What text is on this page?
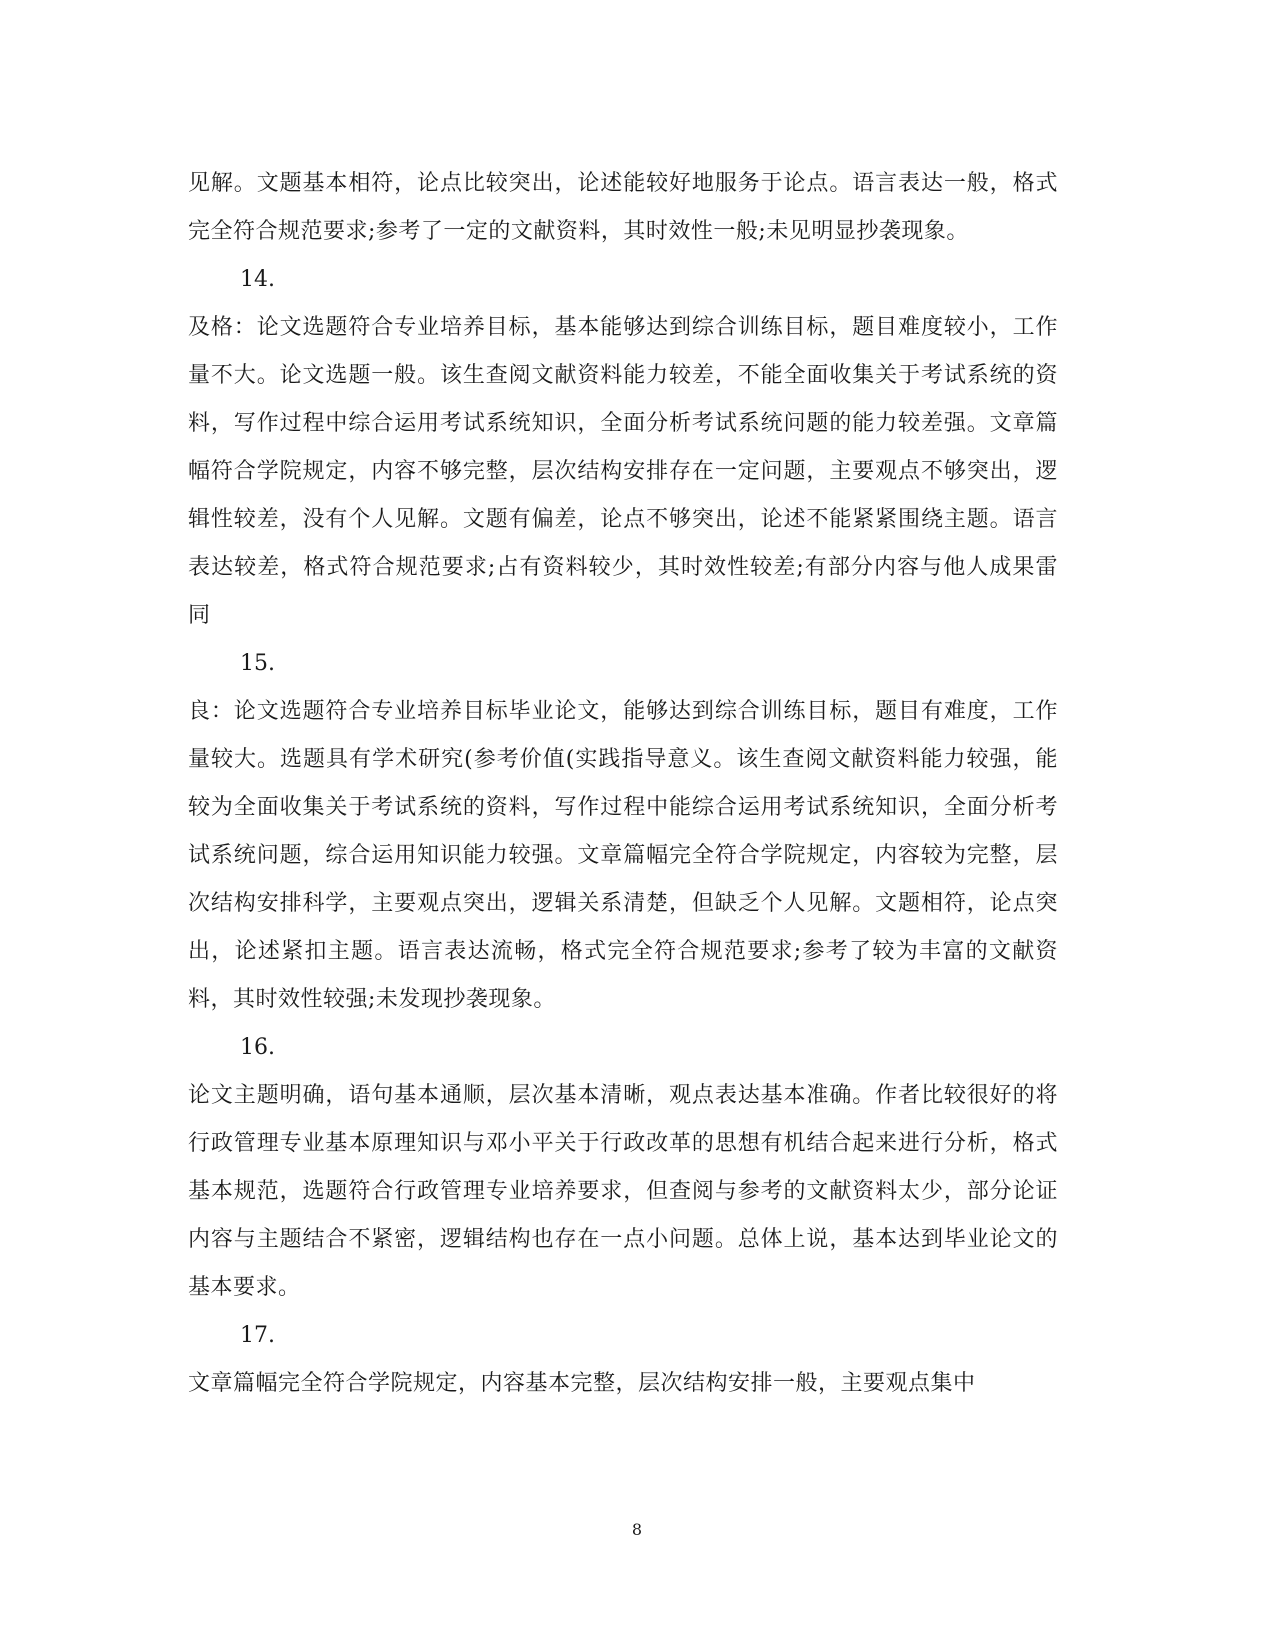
见解。文题基本相符，论点比较突出，论述能较好地服务于论点。语言表达一般，格式完全符合规范要求;参考了一定的文献资料，其时效性一般;未见明显抄袭现象。

14.

及格：论文选题符合专业培养目标，基本能够达到综合训练目标，题目难度较小，工作量不大。论文选题一般。该生查阅文献资料能力较差，不能全面收集关于考试系统的资料，写作过程中综合运用考试系统知识，全面分析考试系统问题的能力较差强。文章篇幅符合学院规定，内容不够完整，层次结构安排存在一定问题，主要观点不够突出，逻辑性较差，没有个人见解。文题有偏差，论点不够突出，论述不能紧紧围绕主题。语言表达较差，格式符合规范要求;占有资料较少，其时效性较差;有部分内容与他人成果雷同

15.

良：论文选题符合专业培养目标毕业论文，能够达到综合训练目标，题目有难度，工作量较大。选题具有学术研究(参考价值(实践指导意义。该生查阅文献资料能力较强，能较为全面收集关于考试系统的资料，写作过程中能综合运用考试系统知识，全面分析考试系统问题，综合运用知识能力较强。文章篇幅完全符合学院规定，内容较为完整，层次结构安排科学，主要观点突出，逻辑关系清楚，但缺乏个人见解。文题相符，论点突出，论述紧扣主题。语言表达流畅，格式完全符合规范要求;参考了较为丰富的文献资料，其时效性较强;未发现抄袭现象。

16.

论文主题明确，语句基本通顺，层次基本清晰，观点表达基本准确。作者比较很好的将行政管理专业基本原理知识与邓小平关于行政改革的思想有机结合起来进行分析，格式基本规范，选题符合行政管理专业培养要求，但查阅与参考的文献资料太少，部分论证内容与主题结合不紧密，逻辑结构也存在一点小问题。总体上说，基本达到毕业论文的基本要求。

17.

文章篇幅完全符合学院规定，内容基本完整，层次结构安排一般，主要观点集中

8
